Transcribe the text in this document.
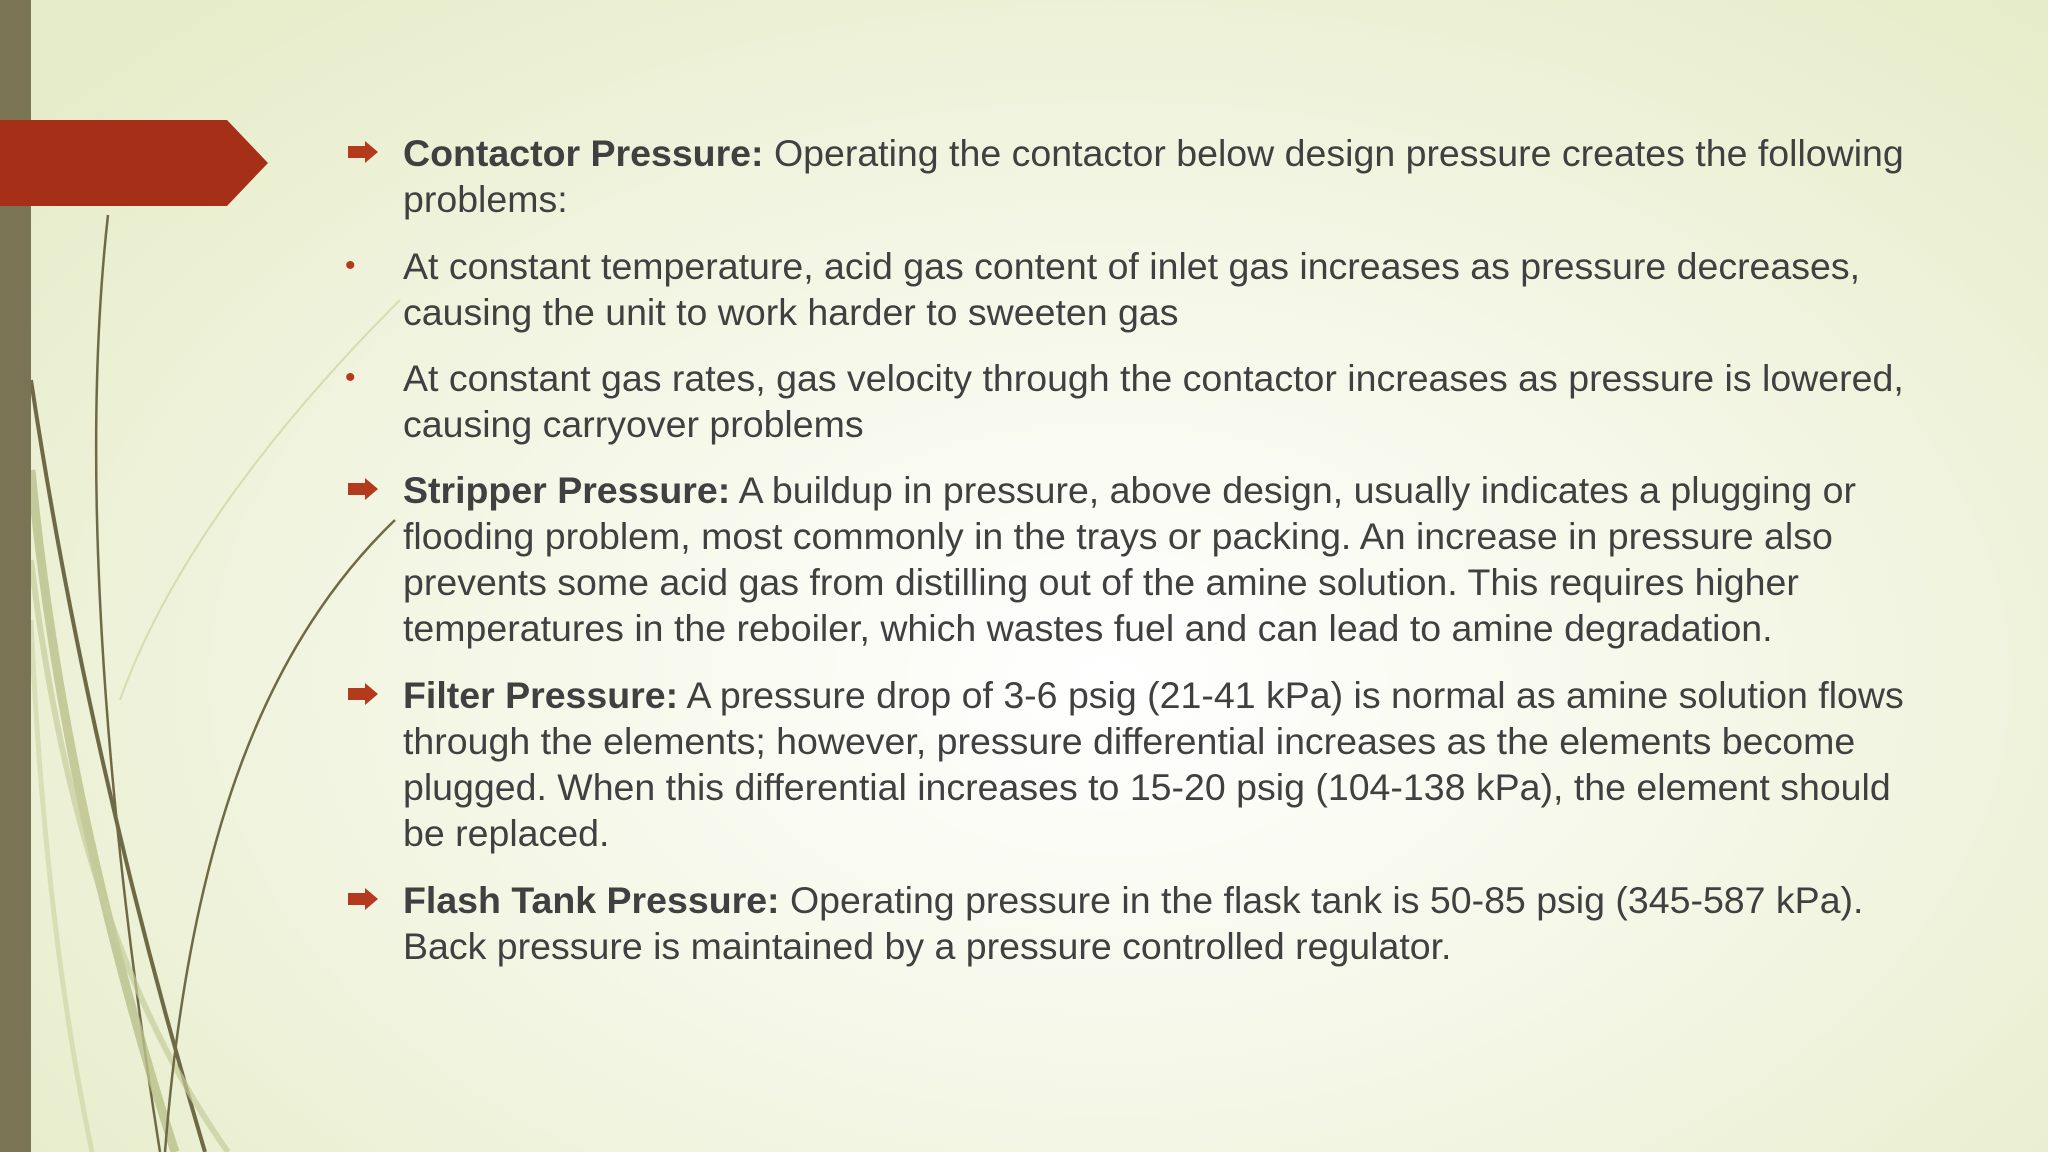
Contactor Pressure: Operating the contactor below design pressure creates the following problems:
• At constant temperature, acid gas content of inlet gas increases as pressure decreases, causing the unit to work harder to sweeten gas
• At constant gas rates, gas velocity through the contactor increases as pressure is lowered, causing carryover problems
Stripper Pressure: A buildup in pressure, above design, usually indicates a plugging or flooding problem, most commonly in the trays or packing. An increase in pressure also prevents some acid gas from distilling out of the amine solution. This requires higher temperatures in the reboiler, which wastes fuel and can lead to amine degradation.
Filter Pressure: A pressure drop of 3-6 psig (21-41 kPa) is normal as amine solution flows through the elements; however, pressure differential increases as the elements become plugged. When this differential increases to 15-20 psig (104-138 kPa), the element should be replaced.
Flash Tank Pressure: Operating pressure in the flask tank is 50-85 psig (345-587 kPa). Back pressure is maintained by a pressure controlled regulator.
